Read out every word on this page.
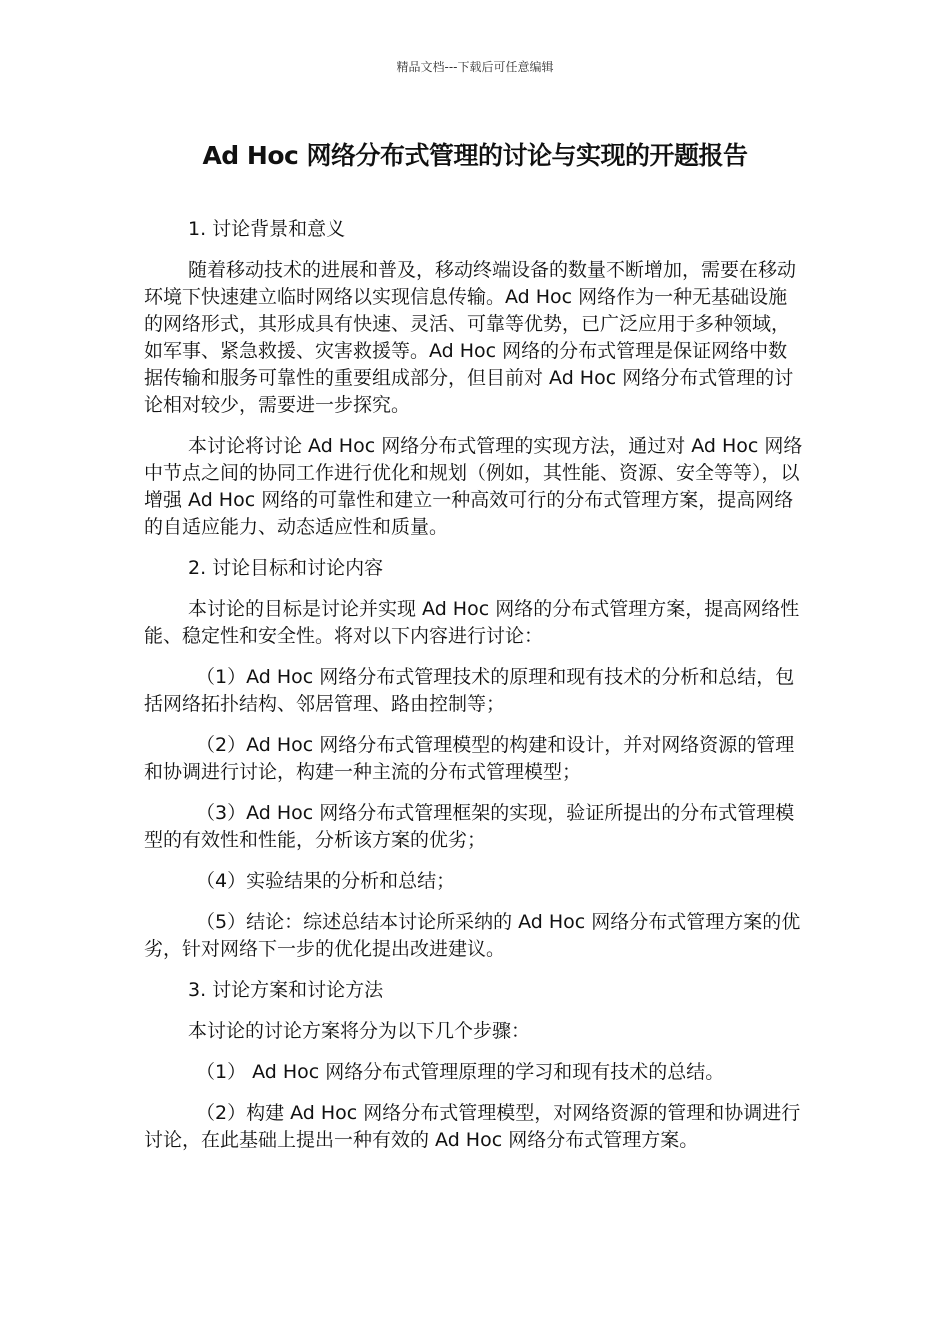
精品文档---下载后可任意编辑
Ad Hoc 网络分布式管理的讨论与实现的开题报告

1. 讨论背景和意义

随着移动技术的进展和普及，移动终端设备的数量不断增加，需要在移动环境下快速建立临时网络以实现信息传输。Ad Hoc 网络作为一种无基础设施的网络形式，其形成具有快速、灵活、可靠等优势，已广泛应用于多种领域，如军事、紧急救援、灾害救援等。Ad Hoc 网络的分布式管理是保证网络中数据传输和服务可靠性的重要组成部分，但目前对 Ad Hoc 网络分布式管理的讨论相对较少，需要进一步探究。

本讨论将讨论 Ad Hoc 网络分布式管理的实现方法，通过对 Ad Hoc 网络中节点之间的协同工作进行优化和规划（例如，其性能、资源、安全等等），以增强 Ad Hoc 网络的可靠性和建立一种高效可行的分布式管理方案，提高网络的自适应能力、动态适应性和质量。

2. 讨论目标和讨论内容

本讨论的目标是讨论并实现 Ad Hoc 网络的分布式管理方案，提高网络性能、稳定性和安全性。将对以下内容进行讨论：

（1）Ad Hoc 网络分布式管理技术的原理和现有技术的分析和总结，包括网络拓扑结构、邻居管理、路由控制等；

（2）Ad Hoc 网络分布式管理模型的构建和设计，并对网络资源的管理和协调进行讨论，构建一种主流的分布式管理模型；

（3）Ad Hoc 网络分布式管理框架的实现，验证所提出的分布式管理模型的有效性和性能，分析该方案的优劣；

（4）实验结果的分析和总结；

（5）结论：综述总结本讨论所采纳的 Ad Hoc 网络分布式管理方案的优劣，针对网络下一步的优化提出改进建议。

3. 讨论方案和讨论方法

本讨论的讨论方案将分为以下几个步骤：

（1） Ad Hoc 网络分布式管理原理的学习和现有技术的总结。

（2）构建 Ad Hoc 网络分布式管理模型，对网络资源的管理和协调进行讨论，在此基础上提出一种有效的 Ad Hoc 网络分布式管理方案。
